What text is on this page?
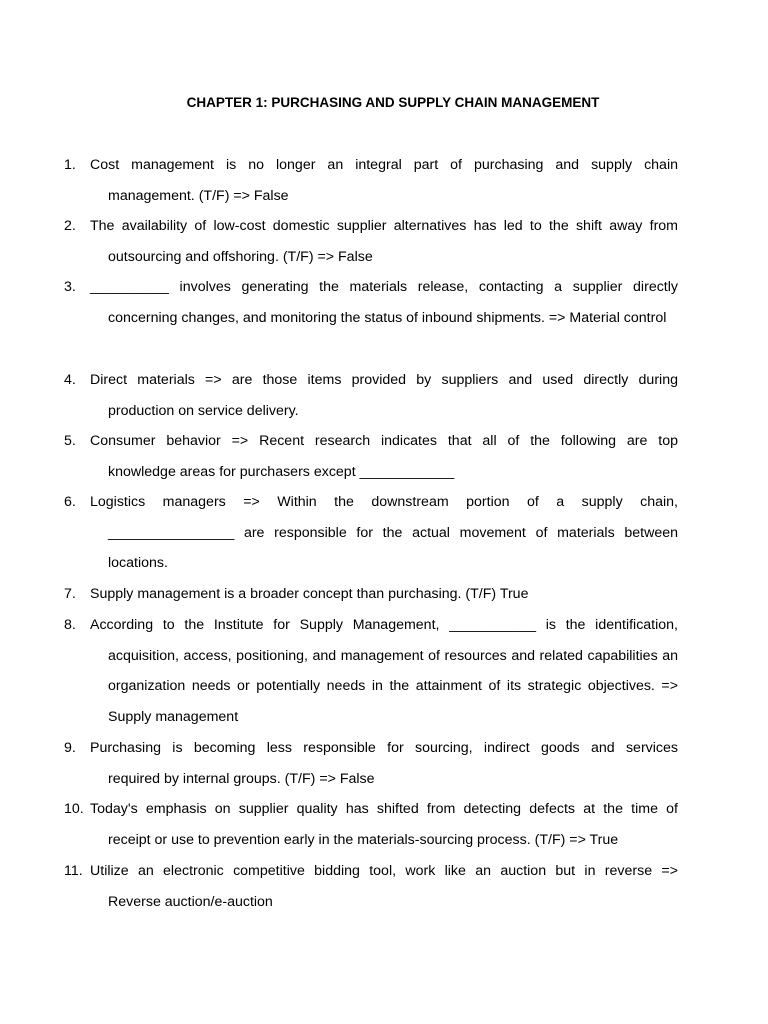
CHAPTER 1: PURCHASING AND SUPPLY CHAIN MANAGEMENT
1. Cost management is no longer an integral part of purchasing and supply chain
management. (T/F) => False
2. The availability of low-cost domestic supplier alternatives has led to the shift away from
outsourcing and offshoring. (T/F) => False
3. __________ involves generating the materials release, contacting a supplier directly
concerning changes, and monitoring the status of inbound shipments. => Material control
4. Direct materials => are those items provided by suppliers and used directly during
production on service delivery.
5. Consumer behavior => Recent research indicates that all of the following are top
knowledge areas for purchasers except ____________
6. Logistics managers => Within the downstream portion of a supply chain,
________________ are responsible for the actual movement of materials between locations.
7. Supply management is a broader concept than purchasing. (T/F) True
8. According to the Institute for Supply Management, ___________ is the identification,
acquisition, access, positioning, and management of resources and related capabilities an organization needs or potentially needs in the attainment of its strategic objectives. => Supply management
9. Purchasing is becoming less responsible for sourcing, indirect goods and services
required by internal groups. (T/F) => False
10. Today's emphasis on supplier quality has shifted from detecting defects at the time of
receipt or use to prevention early in the materials-sourcing process. (T/F) => True
11. Utilize an electronic competitive bidding tool, work like an auction but in reverse =>
Reverse auction/e-auction
